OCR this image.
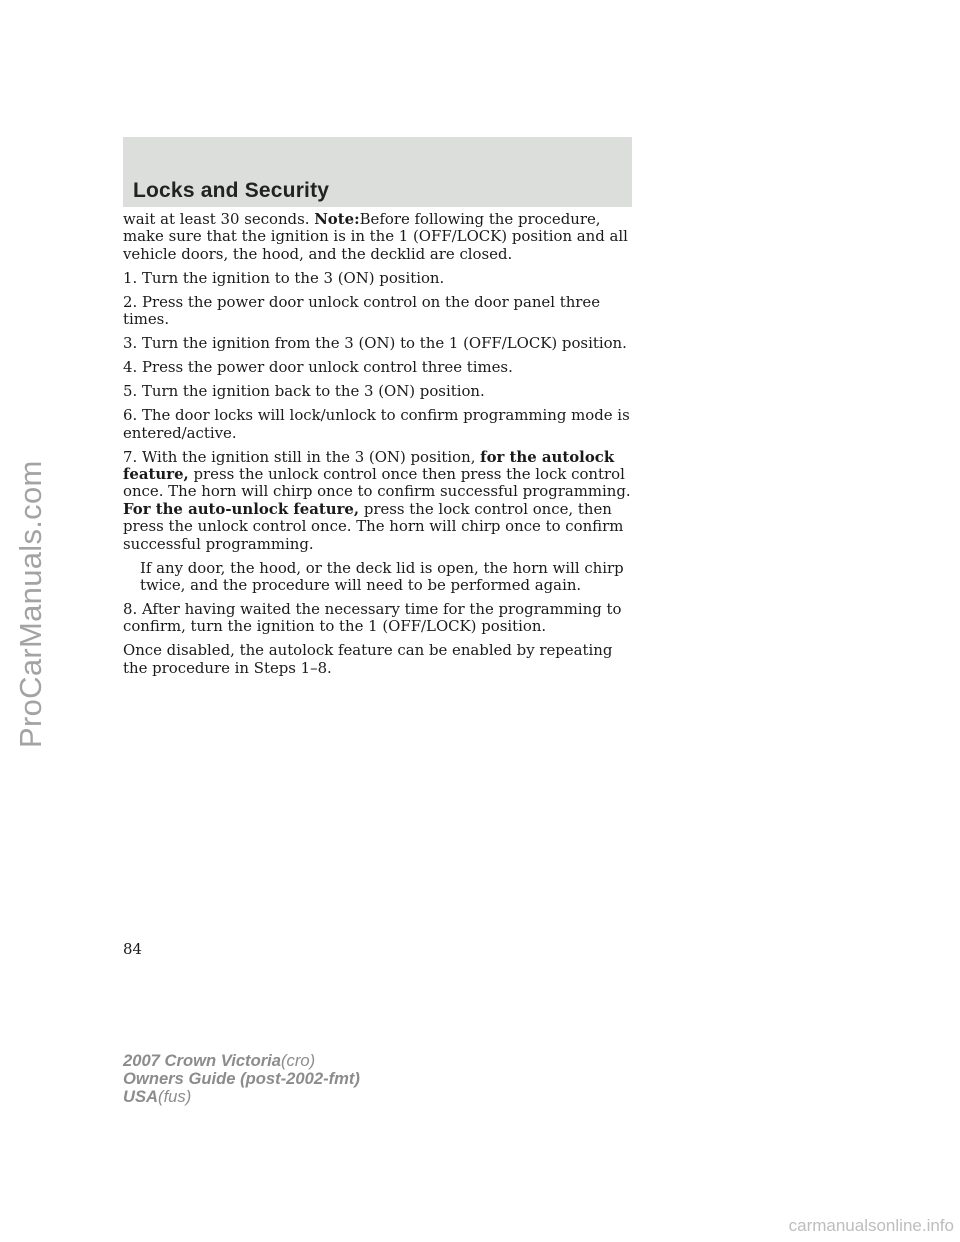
Locks and Security

wait at least 30 seconds. Note:Before following the procedure, make sure that the ignition is in the 1 (OFF/LOCK) position and all vehicle doors, the hood, and the decklid are closed.

1. Turn the ignition to the 3 (ON) position.

2. Press the power door unlock control on the door panel three times.

3. Turn the ignition from the 3 (ON) to the 1 (OFF/LOCK) position.

4. Press the power door unlock control three times.

5. Turn the ignition back to the 3 (ON) position.

6. The door locks will lock/unlock to confirm programming mode is entered/active.

7. With the ignition still in the 3 (ON) position, for the autolock feature, press the unlock control once then press the lock control once. The horn will chirp once to confirm successful programming. For the auto-unlock feature, press the lock control once, then press the unlock control once. The horn will chirp once to confirm successful programming.

If any door, the hood, or the deck lid is open, the horn will chirp twice, and the procedure will need to be performed again.

8. After having waited the necessary time for the programming to confirm, turn the ignition to the 1 (OFF/LOCK) position.

Once disabled, the autolock feature can be enabled by repeating the procedure in Steps 1–8.

84
2007 Crown Victoria(cro)
Owners Guide (post-2002-fmt)
USA(fus)
ProCarManuals.com
carmanualsonline.info
